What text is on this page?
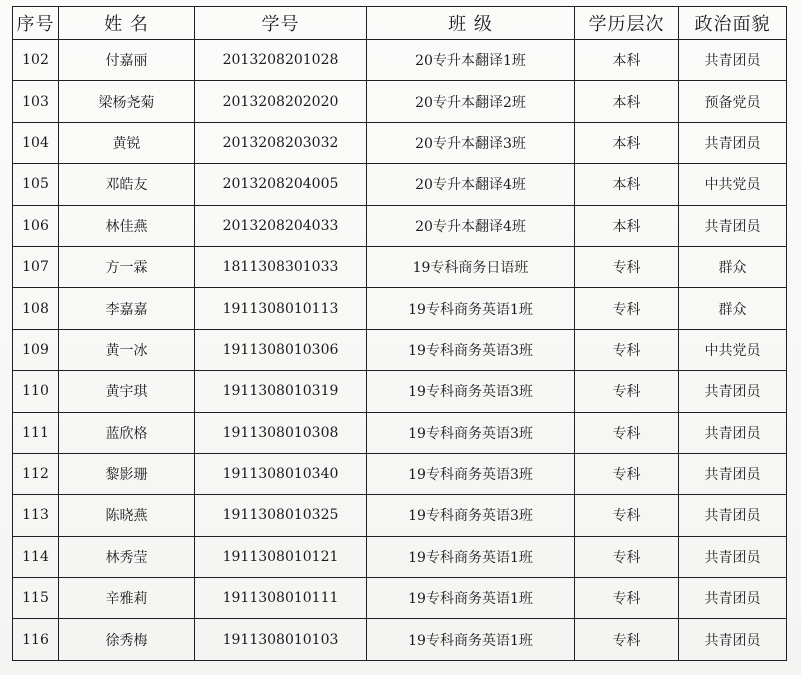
序号	姓 名	学号	班 级	学历层次	政治面貌
102	付嘉丽	2013208201028	20专升本翻译1班	本科	共青团员
103	梁杨尧菊	2013208202020	20专升本翻译2班	本科	预备党员
104	黄锐	2013208203032	20专升本翻译3班	本科	共青团员
105	邓皓友	2013208204005	20专升本翻译4班	本科	中共党员
106	林佳燕	2013208204033	20专升本翻译4班	本科	共青团员
107	方一霖	1811308301033	19专科商务日语班	专科	群众
108	李嘉嘉	1911308010113	19专科商务英语1班	专科	群众
109	黄一冰	1911308010306	19专科商务英语3班	专科	中共党员
110	黄宇琪	1911308010319	19专科商务英语3班	专科	共青团员
111	蓝欣格	1911308010308	19专科商务英语3班	专科	共青团员
112	黎影珊	1911308010340	19专科商务英语3班	专科	共青团员
113	陈晓燕	1911308010325	19专科商务英语3班	专科	共青团员
114	林秀莹	1911308010121	19专科商务英语1班	专科	共青团员
115	辛雅莉	1911308010111	19专科商务英语1班	专科	共青团员
116	徐秀梅	1911308010103	19专科商务英语1班	专科	共青团员
